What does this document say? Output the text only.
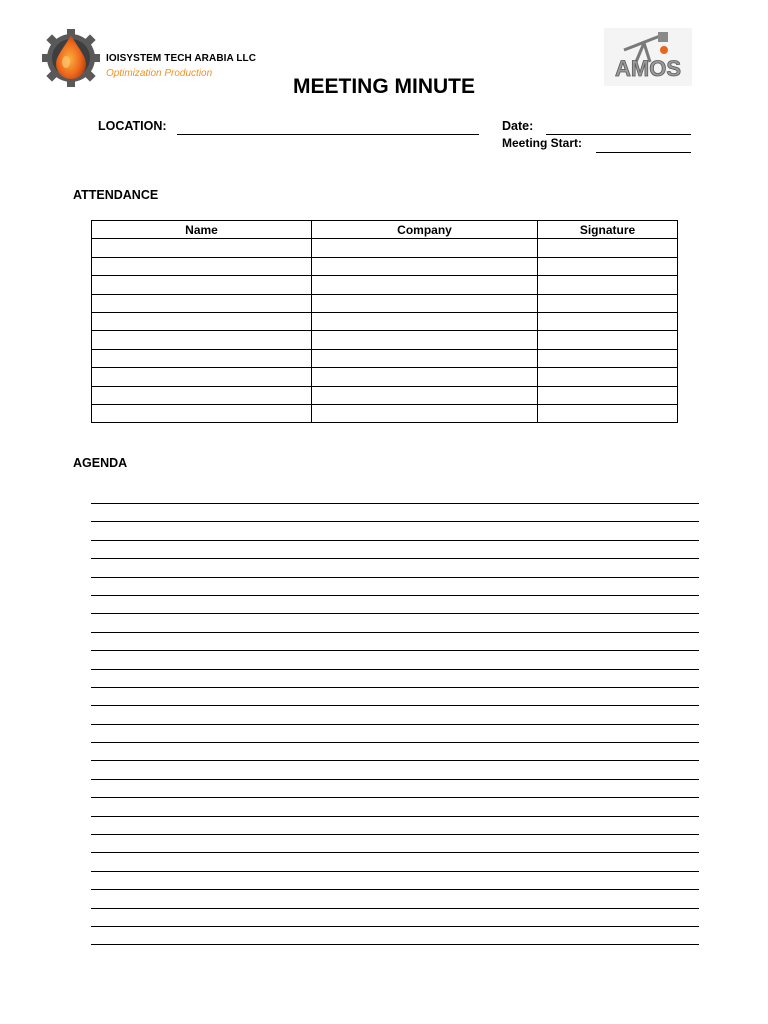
IOISYSTEM TECH ARABIA LLC
Optimization Production	AMOS
MEETING MINUTE
LOCATION:	Date:
Meeting Start:
ATTENDANCE
Name	Company	Signature

AGENDA
